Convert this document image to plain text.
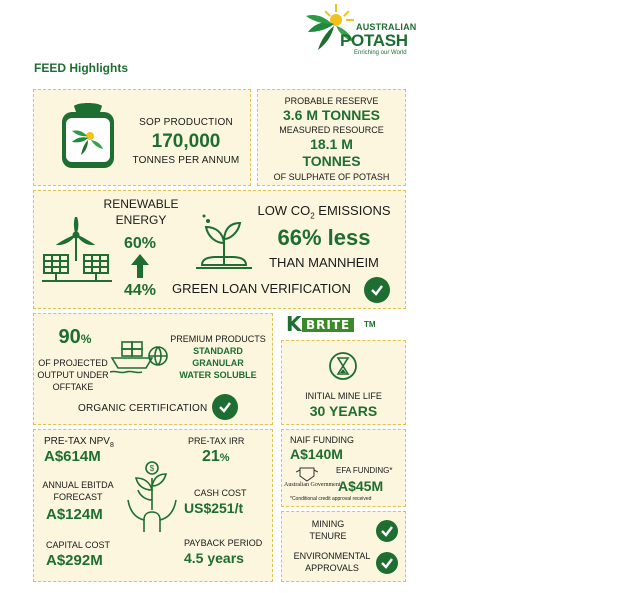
AUSTRALIAN
POTASH
Enriching our World
FEED Highlights
SOP PRODUCTION
170,000
TONNES PER ANNUM
PROBABLE RESERVE
3.6 M TONNES
MEASURED RESOURCE
18.1 M
TONNES
OF SULPHATE OF POTASH
RENEWABLE
ENERGY
60%
44%
LOW $CO_2$ EMISSIONS
66% less
THAN MANNHEIM
GREEN LOAN VERIFICATION
90%
OF PROJECTED
OUTPUT UNDER
OFFTAKE
PREMIUM PRODUCTS
STANDARD
GRANULAR
WATER SOLUBLE
ORGANIC CERTIFICATION
K BRITE	TM
INITIAL MINE LIFE
30 YEARS
PRE-TAX $NPV_8$
A$614M
ANNUAL EBITDA
FORECAST
A$124M
CAPITAL COST
A$292M
$
PRE-TAX IRR
21%
CASH COST
US$251/t
PAYBACK PERIOD
4.5 years
NAIF FUNDING
A$140M
Australian Government
EFA FUNDING*
A$45M
*Conditional credit approval received
MINING
TENURE
ENVIRONMENTAL
APPROVALS
